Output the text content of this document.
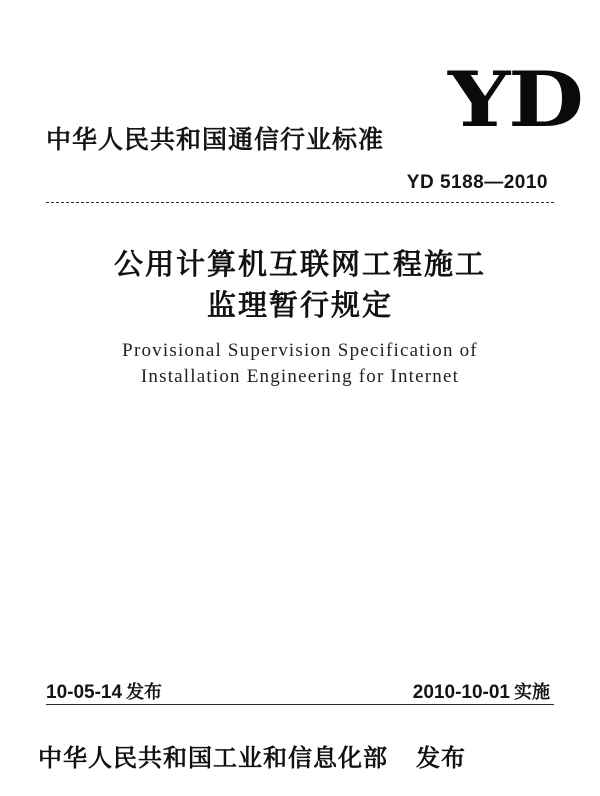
YD
中华人民共和国通信行业标准
YD 5188—2010
公用计算机互联网工程施工
监理暂行规定
Provisional Supervision Specification of
Installation Engineering for Internet
10-05-14 发布	2010-10-01 实施
中华人民共和国工业和信息化部 发布
